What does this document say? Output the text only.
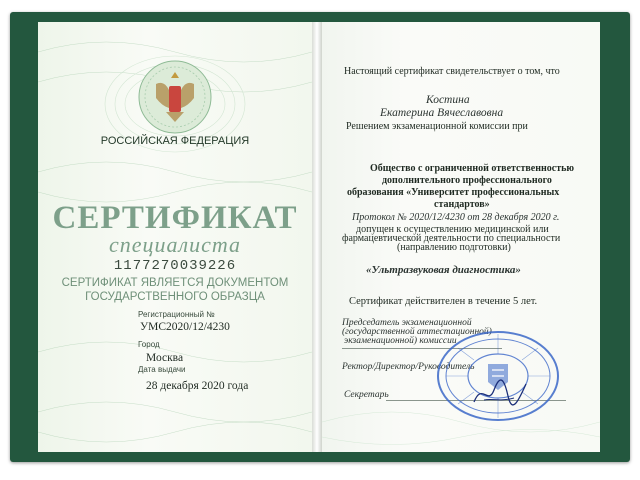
РОССИЙСКАЯ ФЕДЕРАЦИЯ
СЕРТИФИКАТ
специалиста
1177270039226
СЕРТИФИКАТ ЯВЛЯЕТСЯ ДОКУМЕНТОМ
ГОСУДАРСТВЕННОГО ОБРАЗЦА
Регистрационный №
УМС2020/12/4230
Город
Москва
Дата выдачи
28 декабря 2020 года
Настоящий сертификат свидетельствует о том, что
Костина
Екатерина Вячеславовна
Решением экзаменационной комиссии при
Общество с ограниченной ответственностью
дополнительного профессионального
образования «Университет профессиональных
стандартов»
Протокол № 2020/12/4230 от 28 декабря 2020 г.
допущен к осуществлению медицинской или
фармацевтической деятельности по специальности
(направлению подготовки)
«Ультразвуковая диагностика»
Сертификат действителен в течение 5 лет.
Председатель экзаменационной
(государственной аттестационной)
экзаменационной) комиссии
Ректор/Директор/Руководитель
Секретарь
